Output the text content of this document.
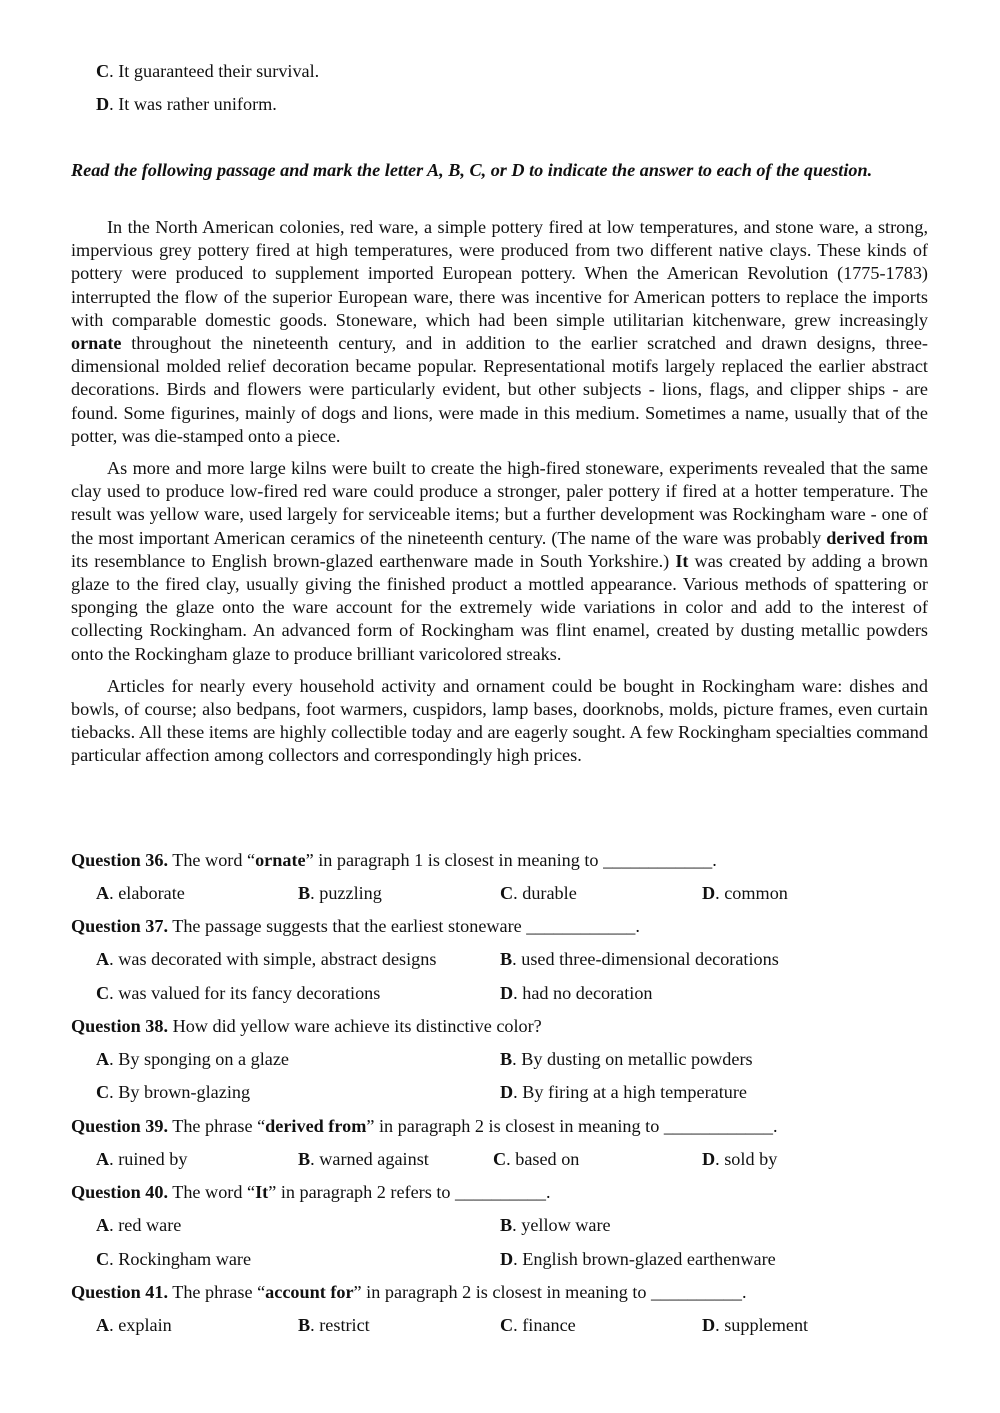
C. It guaranteed their survival.
D. It was rather uniform.
Read the following passage and mark the letter A, B, C, or D to indicate the answer to each of the question.

In the North American colonies, red ware, a simple pottery fired at low temperatures, and stone ware, a strong, impervious grey pottery fired at high temperatures, were produced from two different native clays. These kinds of pottery were produced to supplement imported European pottery. When the American Revolution (1775-1783) interrupted the flow of the superior European ware, there was incentive for American potters to replace the imports with comparable domestic goods. Stoneware, which had been simple utilitarian kitchenware, grew increasingly ornate throughout the nineteenth century, and in addition to the earlier scratched and drawn designs, three-dimensional molded relief decoration became popular. Representational motifs largely replaced the earlier abstract decorations. Birds and flowers were particularly evident, but other subjects - lions, flags, and clipper ships - are found. Some figurines, mainly of dogs and lions, were made in this medium. Sometimes a name, usually that of the potter, was die-stamped onto a piece.

As more and more large kilns were built to create the high-fired stoneware, experiments revealed that the same clay used to produce low-fired red ware could produce a stronger, paler pottery if fired at a hotter temperature. The result was yellow ware, used largely for serviceable items; but a further development was Rockingham ware - one of the most important American ceramics of the nineteenth century. (The name of the ware was probably derived from its resemblance to English brown-glazed earthenware made in South Yorkshire.) It was created by adding a brown glaze to the fired clay, usually giving the finished product a mottled appearance. Various methods of spattering or sponging the glaze onto the ware account for the extremely wide variations in color and add to the interest of collecting Rockingham. An advanced form of Rockingham was flint enamel, created by dusting metallic powders onto the Rockingham glaze to produce brilliant varicolored streaks.

Articles for nearly every household activity and ornament could be bought in Rockingham ware: dishes and bowls, of course; also bedpans, foot warmers, cuspidors, lamp bases, doorknobs, molds, picture frames, even curtain tiebacks. All these items are highly collectible today and are eagerly sought. A few Rockingham specialties command particular affection among collectors and correspondingly high prices.

Question 36. The word “ornate” in paragraph 1 is closest in meaning to ____________.
A. elaborate	B. puzzling	C. durable	D. common
Question 37. The passage suggests that the earliest stoneware ____________.
A. was decorated with simple, abstract designs	B. used three-dimensional decorations
C. was valued for its fancy decorations	D. had no decoration
Question 38. How did yellow ware achieve its distinctive color?
A. By sponging on a glaze	B. By dusting on metallic powders
C. By brown-glazing	D. By firing at a high temperature
Question 39. The phrase “derived from” in paragraph 2 is closest in meaning to ____________.
A. ruined by	B. warned against	C. based on	D. sold by
Question 40. The word “It” in paragraph 2 refers to __________.
A. red ware	B. yellow ware
C. Rockingham ware	D. English brown-glazed earthenware
Question 41. The phrase “account for” in paragraph 2 is closest in meaning to __________.
A. explain	B. restrict	C. finance	D. supplement
